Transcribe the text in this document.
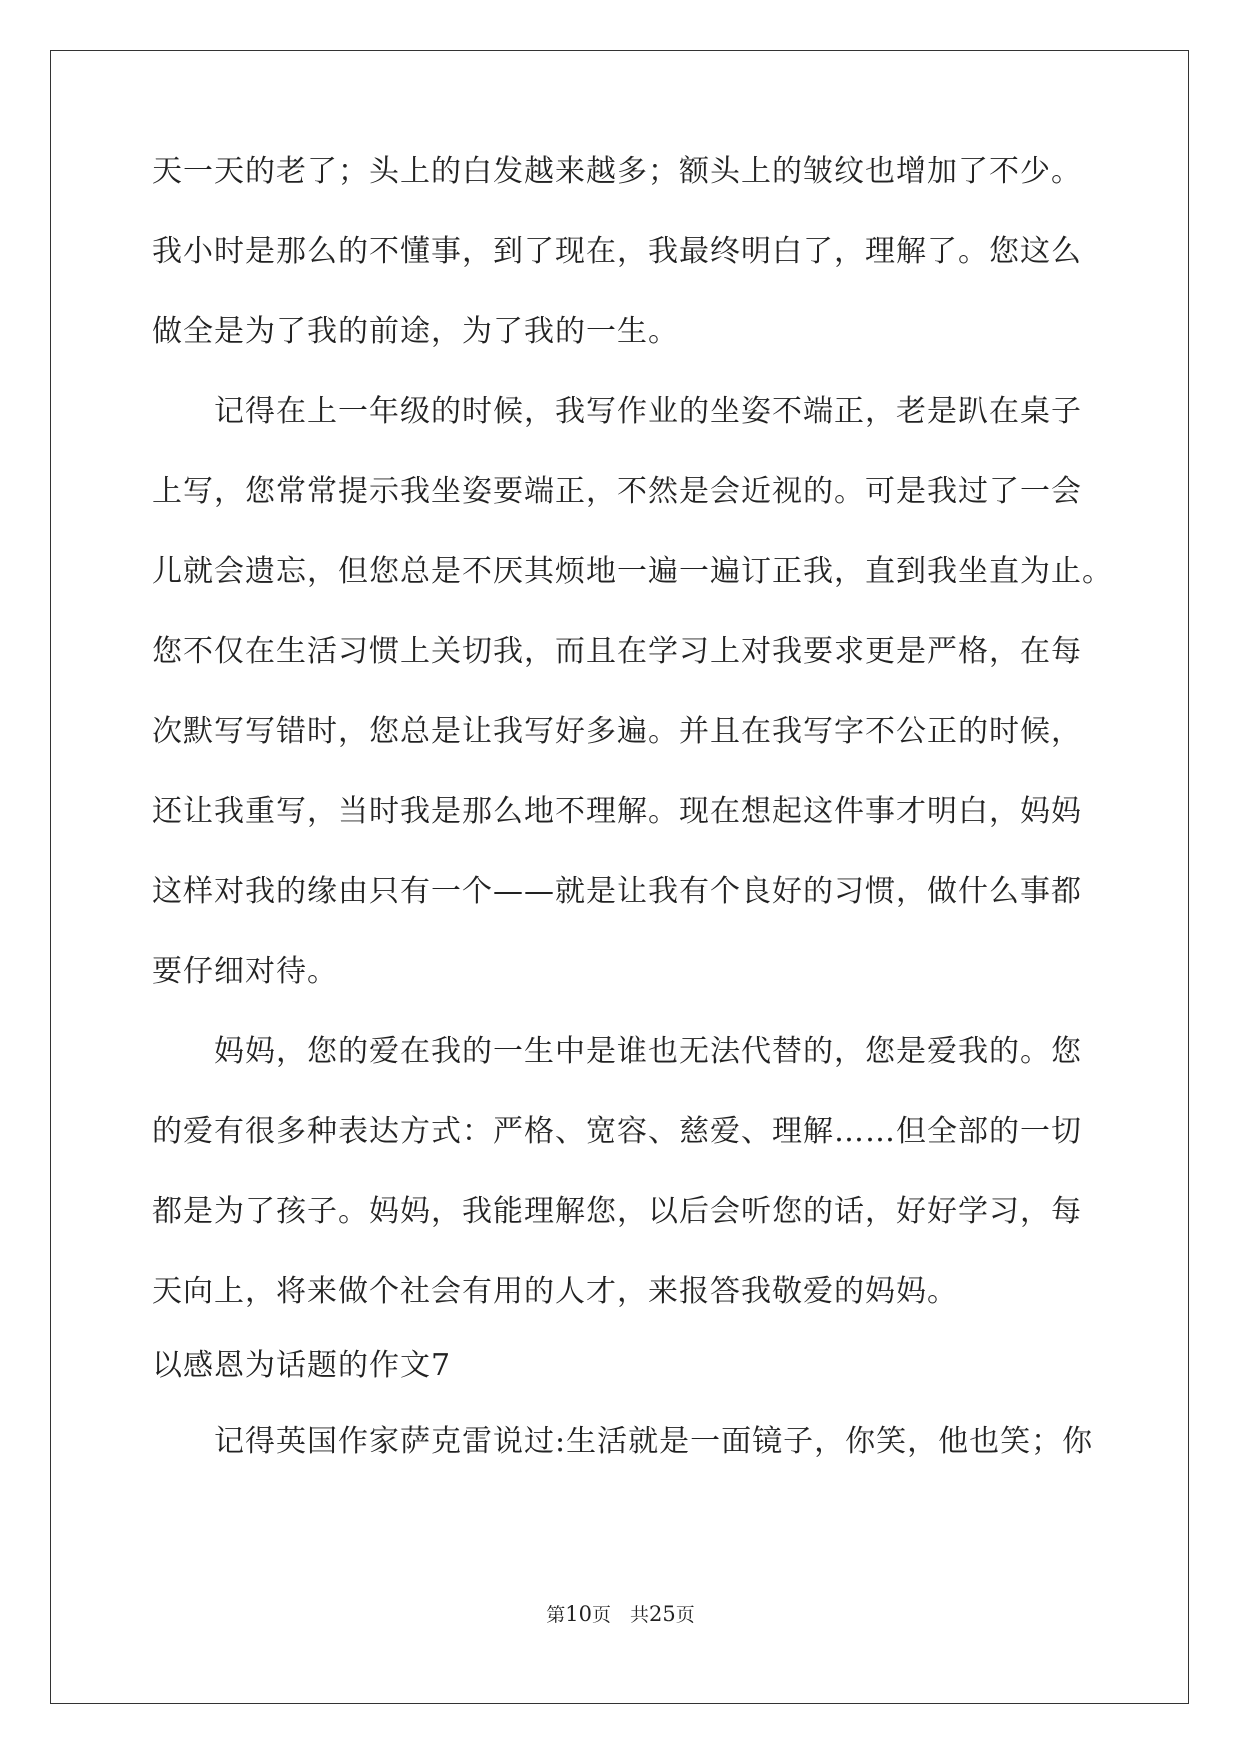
天一天的老了；头上的白发越来越多；额头上的皱纹也增加了不少。
我小时是那么的不懂事，到了现在，我最终明白了，理解了。您这么
做全是为了我的前途，为了我的一生。
记得在上一年级的时候，我写作业的坐姿不端正，老是趴在桌子
上写，您常常提示我坐姿要端正，不然是会近视的。可是我过了一会
儿就会遗忘，但您总是不厌其烦地一遍一遍订正我，直到我坐直为止。
您不仅在生活习惯上关切我，而且在学习上对我要求更是严格，在每
次默写写错时，您总是让我写好多遍。并且在我写字不公正的时候，
还让我重写，当时我是那么地不理解。现在想起这件事才明白，妈妈
这样对我的缘由只有一个——就是让我有个良好的习惯，做什么事都
要仔细对待。
妈妈，您的爱在我的一生中是谁也无法代替的，您是爱我的。您
的爱有很多种表达方式：严格、宽容、慈爱、理解……但全部的一切
都是为了孩子。妈妈，我能理解您，以后会听您的话，好好学习，每
天向上，将来做个社会有用的人才，来报答我敬爱的妈妈。
以感恩为话题的作文7
记得英国作家萨克雷说过:生活就是一面镜子，你笑，他也笑；你
第10页　共25页
